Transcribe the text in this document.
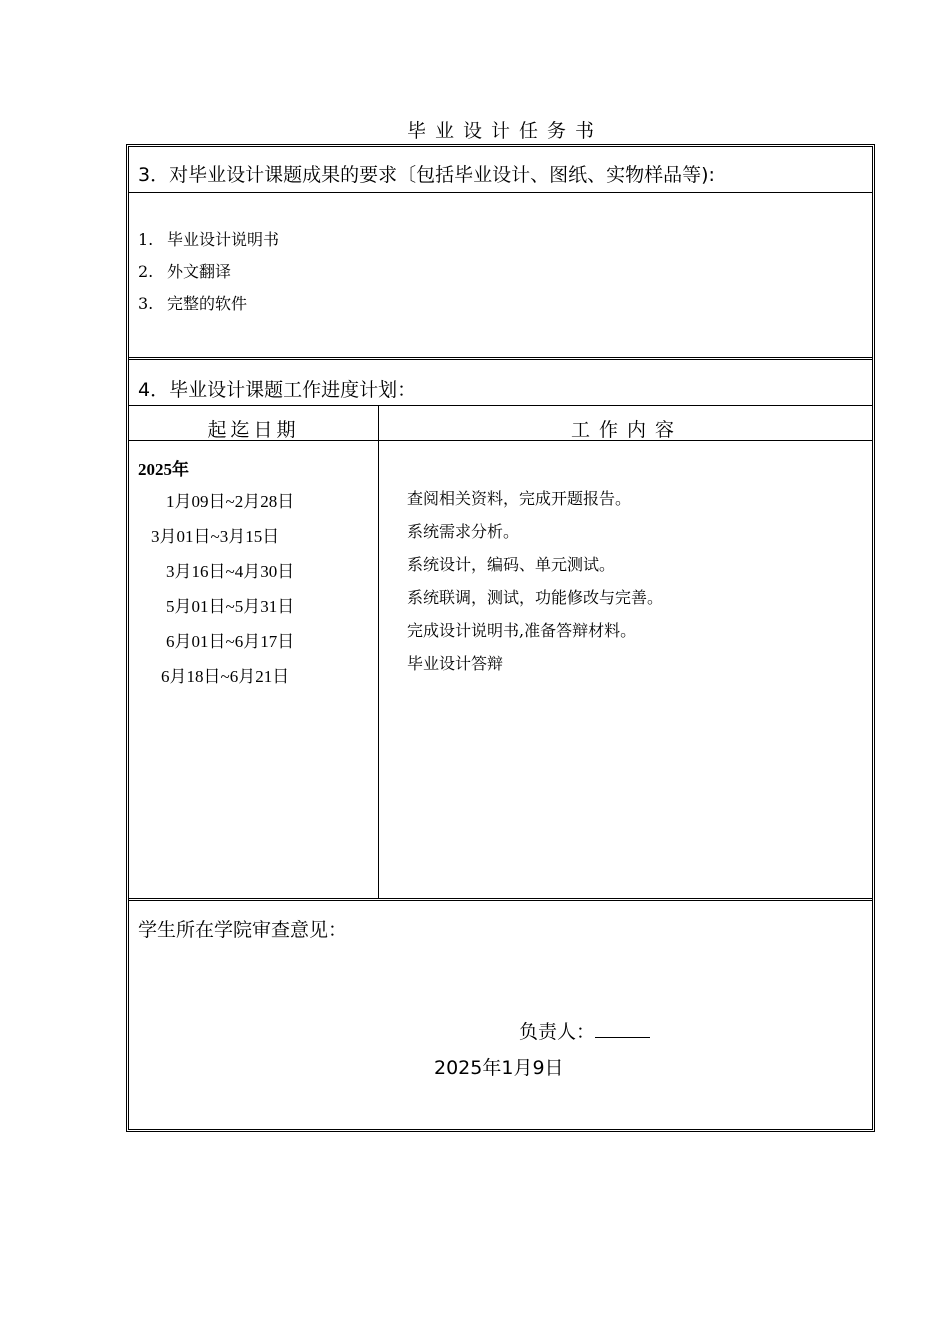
毕业设计任务书
3．对毕业设计课题成果的要求〔包括毕业设计、图纸、实物样品等):
1. 毕业设计说明书
2. 外文翻译
3. 完整的软件
4．毕业设计课题工作进度计划：
起迄日期	工作内容
2025年
1月09日~2月28日
3月01日~3月15日
3月16日~4月30日
5月01日~5月31日
6月01日~6月17日
6月18日~6月21日
查阅相关资料，完成开题报告。
系统需求分析。
系统设计，编码、单元测试。
系统联调，测试，功能修改与完善。
完成设计说明书,准备答辩材料。
毕业设计答辩
学生所在学院审查意见：
负责人：
2025年1月9日
